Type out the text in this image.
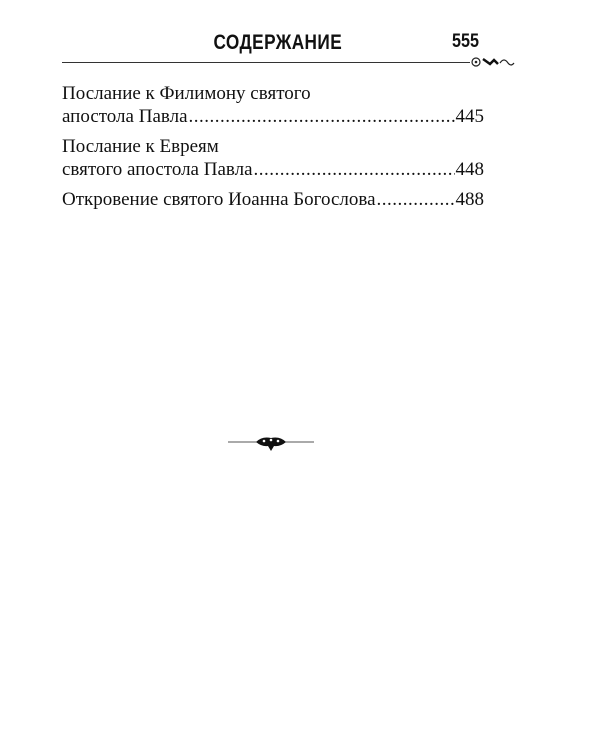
СОДЕРЖАНИЕ	555
Послание к Филимону святого
апостола Павла .....	445
Послание к Евреям
святого апостола Павла .....	448
Откровение святого Иоанна Богослова .....	488
